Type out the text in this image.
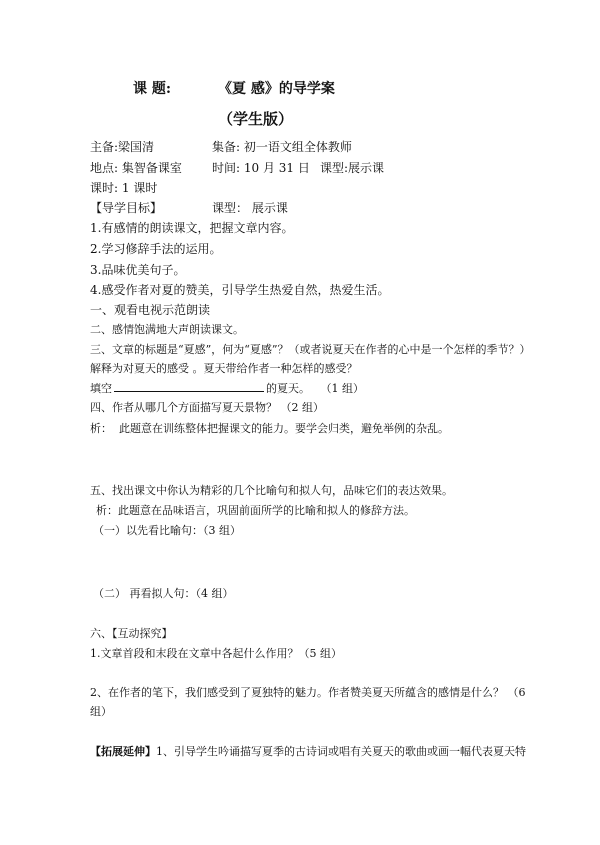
课 题:	《夏 感》的导学案
（学生版）
主备:梁国清	集备: 初一语文组全体教师
地点: 集智备课室	时间: 10 月 31 日 课型:展示课
课时: 1 课时
【导学目标】	课型： 展示课
1.有感情的朗读课文，把握文章内容。
2.学习修辞手法的运用。
3.品味优美句子。
4.感受作者对夏的赞美，引导学生热爱自然，热爱生活。
一、观看电视示范朗读
二、感情饱满地大声朗读课文。
三、文章的标题是“夏感”，何为“夏感”？（或者说夏天在作者的心中是一个怎样的季节？）
解释为对夏天的感受 。夏天带给作者一种怎样的感受？
填空	的夏天。 （1 组）
四、作者从哪几个方面描写夏天景物？ （2 组）
析： 此题意在训练整体把握课文的能力。要学会归类，避免举例的杂乱。
五、找出课文中你认为精彩的几个比喻句和拟人句，品味它们的表达效果。
析：此题意在品味语言，巩固前面所学的比喻和拟人的修辞方法。
（一）以先看比喻句：（3 组）
（二） 再看拟人句：（4 组）
六、【互动探究】
1.文章首段和末段在文章中各起什么作用？（5 组）
2、在作者的笔下，我们感受到了夏独特的魅力。作者赞美夏天所蕴含的感情是什么？ （6
组）
【拓展延伸】1、引导学生吟诵描写夏季的古诗词或唱有关夏天的歌曲或画一幅代表夏天特
